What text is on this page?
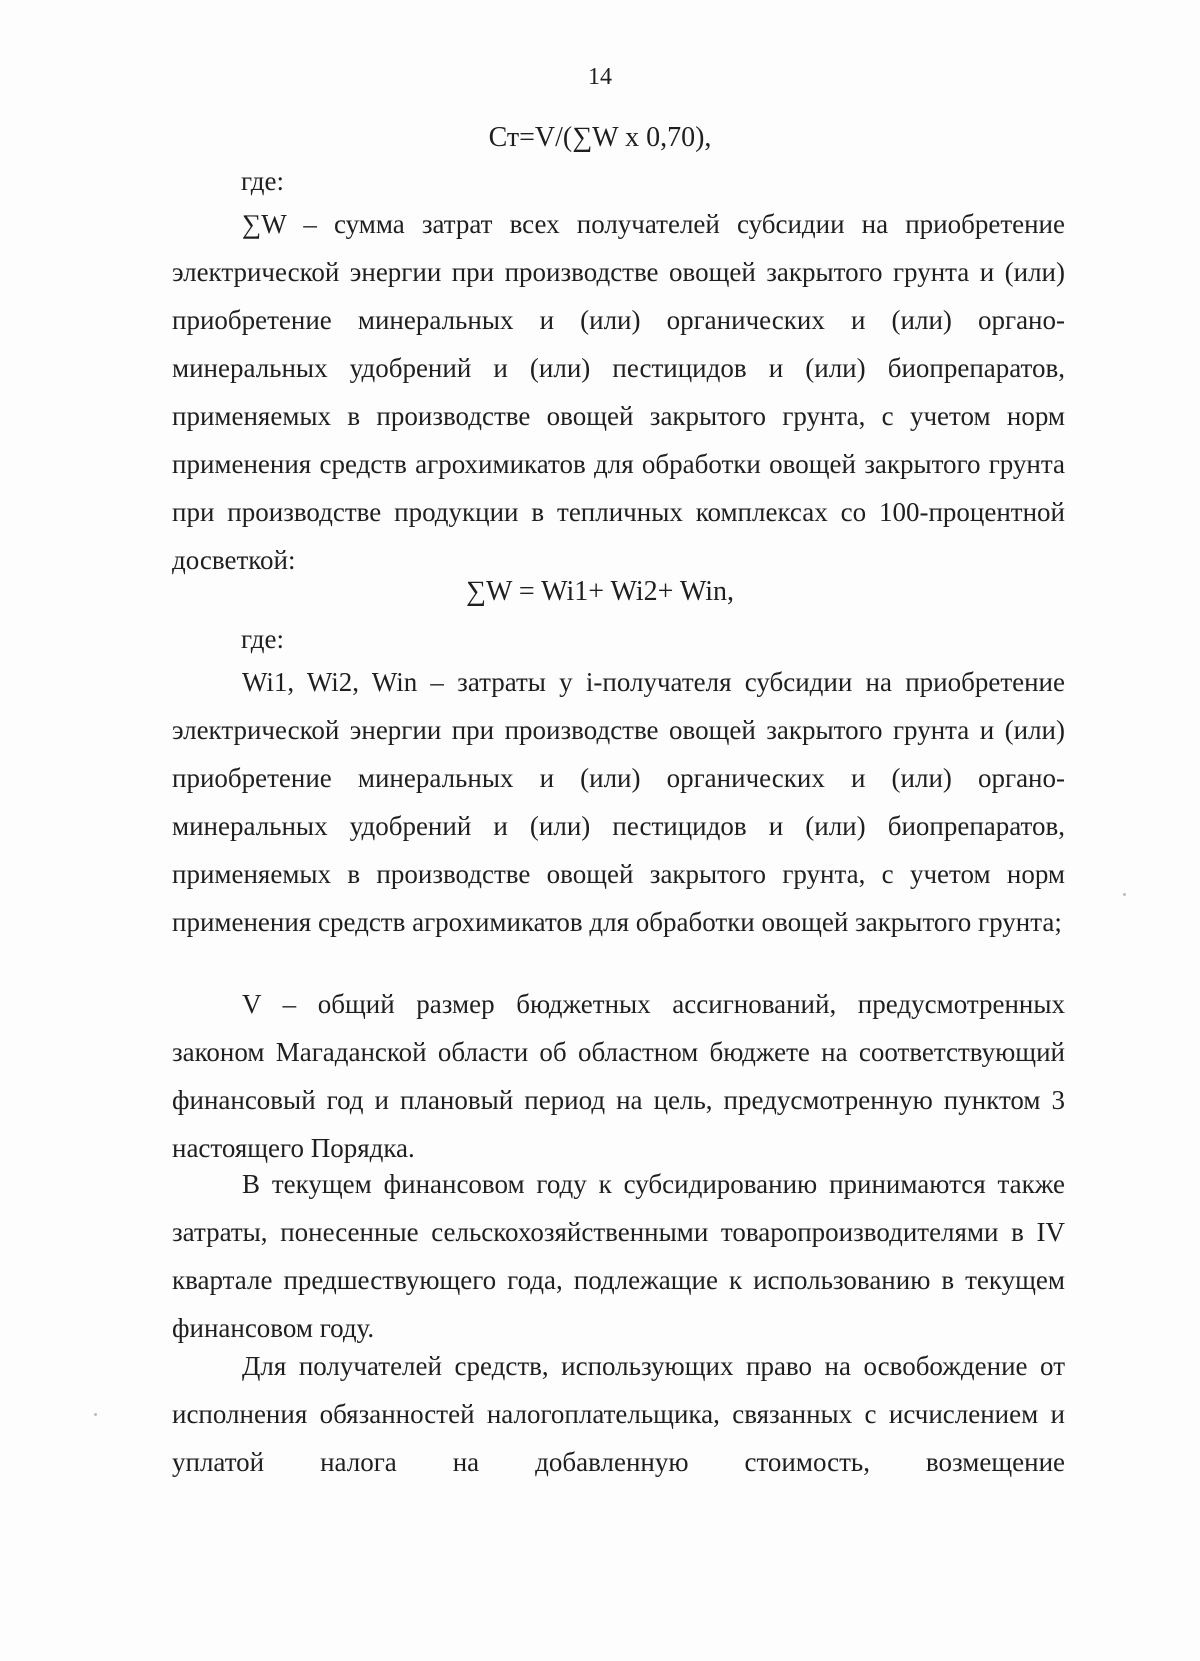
14
Ст=V/(∑W x 0,70),
где:

∑W – сумма затрат всех получателей субсидии на приобретение электрической энергии при производстве овощей закрытого грунта и (или) приобретение минеральных и (или) органических и (или) органо-минеральных удобрений и (или) пестицидов и (или) биопрепаратов, применяемых в производстве овощей закрытого грунта, с учетом норм применения средств агрохимикатов для обработки овощей закрытого грунта при производстве продукции в тепличных комплексах со 100-процентной досветкой:

∑W = Wi1+ Wi2+ Win,
где:

Wi1, Wi2, Win – затраты у i-получателя субсидии на приобретение электрической энергии при производстве овощей закрытого грунта и (или) приобретение минеральных и (или) органических и (или) органо-минеральных удобрений и (или) пестицидов и (или) биопрепаратов, применяемых в производстве овощей закрытого грунта, с учетом норм применения средств агрохимикатов для обработки овощей закрытого грунта;

V – общий размер бюджетных ассигнований, предусмотренных законом Магаданской области об областном бюджете на соответствующий финансовый год и плановый период на цель, предусмотренную пунктом 3 настоящего Порядка.

В текущем финансовом году к субсидированию принимаются также затраты, понесенные сельскохозяйственными товаропроизводителями в IV квартале предшествующего года, подлежащие к использованию в текущем финансовом году.

Для получателей средств, использующих право на освобождение от исполнения обязанностей налогоплательщика, связанных с исчислением и уплатой налога на добавленную стоимость, возмещение
